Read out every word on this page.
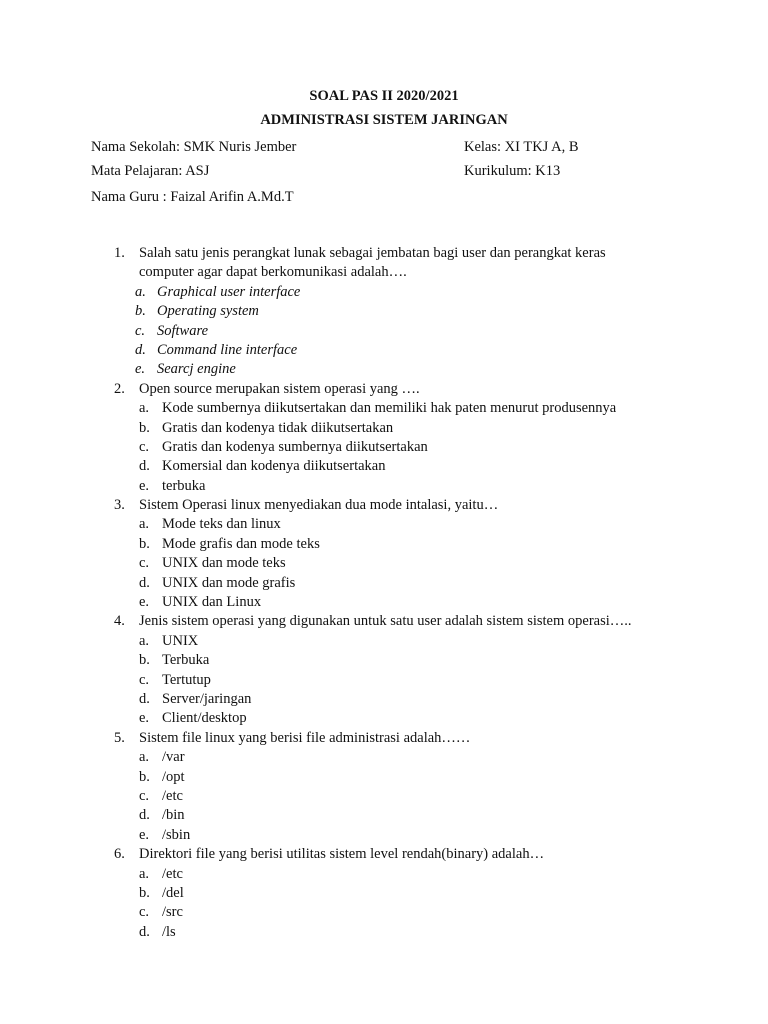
SOAL PAS II 2020/2021
ADMINISTRASI SISTEM JARINGAN
Nama Sekolah: SMK Nuris Jember
Mata Pelajaran: ASJ
Nama Guru : Faizal Arifin A.Md.T
Kelas: XI TKJ A, B
Kurikulum: K13
1. Salah satu jenis perangkat lunak sebagai jembatan bagi user dan perangkat keras
computer agar dapat berkomunikasi adalah….
a. Graphical user interface
b. Operating system
c. Software
d. Command line interface
e. Searcj engine
2. Open source merupakan sistem operasi yang ….
a. Kode sumbernya diikutsertakan dan memiliki hak paten menurut produsennya
b. Gratis dan kodenya tidak diikutsertakan
c. Gratis dan kodenya sumbernya diikutsertakan
d. Komersial dan kodenya diikutsertakan
e. terbuka
3. Sistem Operasi linux menyediakan dua mode intalasi, yaitu…
a. Mode teks dan linux
b. Mode grafis dan mode teks
c. UNIX dan mode teks
d. UNIX dan mode grafis
e. UNIX dan Linux
4. Jenis sistem operasi yang digunakan untuk satu user adalah sistem sistem operasi…..
a. UNIX
b. Terbuka
c. Tertutup
d. Server/jaringan
e. Client/desktop
5. Sistem file linux yang berisi file administrasi adalah……
a. /var
b. /opt
c. /etc
d. /bin
e. /sbin
6. Direktori file yang berisi utilitas sistem level rendah(binary) adalah…
a. /etc
b. /del
c. /src
d. /ls
